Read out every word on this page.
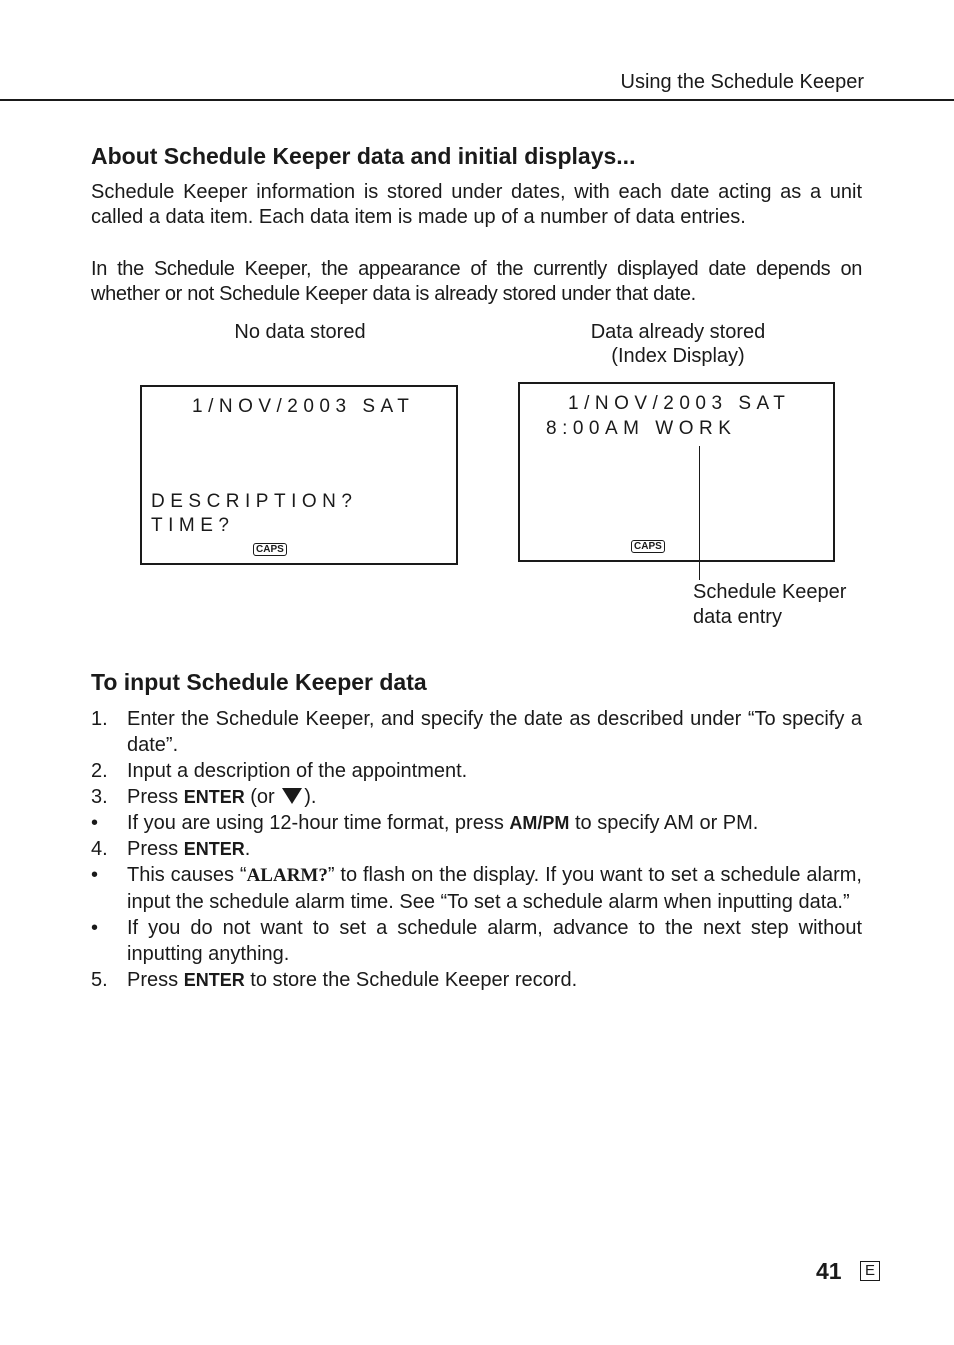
Using the Schedule Keeper
About Schedule Keeper data and initial displays...

Schedule Keeper information is stored under dates, with each date acting as a unit called a data item. Each data item is made up of a number of data entries.

In the Schedule Keeper, the appearance of the currently displayed date depends on whether or not Schedule Keeper data is already stored under that date.

No data stored	Data already stored
(Index Display)
1/NOV/2003 SAT
DESCRIPTION?
TIME?
CAPS
1/NOV/2003 SAT
8:00AM WORK
CAPS
Schedule Keeper
data entry
To input Schedule Keeper data
1. Enter the Schedule Keeper, and specify the date as described under “To specify a date”.
2. Input a description of the appointment.
3. Press ENTER (or ).
•	If you are using 12-hour time format, press AM/PM to specify AM or PM.
4. Press ENTER.
•	This causes “ALARM?” to flash on the display. If you want to set a schedule alarm, input the schedule alarm time. See “To set a schedule alarm when inputting data.”
•	If you do not want to set a schedule alarm, advance to the next step without inputting anything.
5. Press ENTER to store the Schedule Keeper record.
41	E
